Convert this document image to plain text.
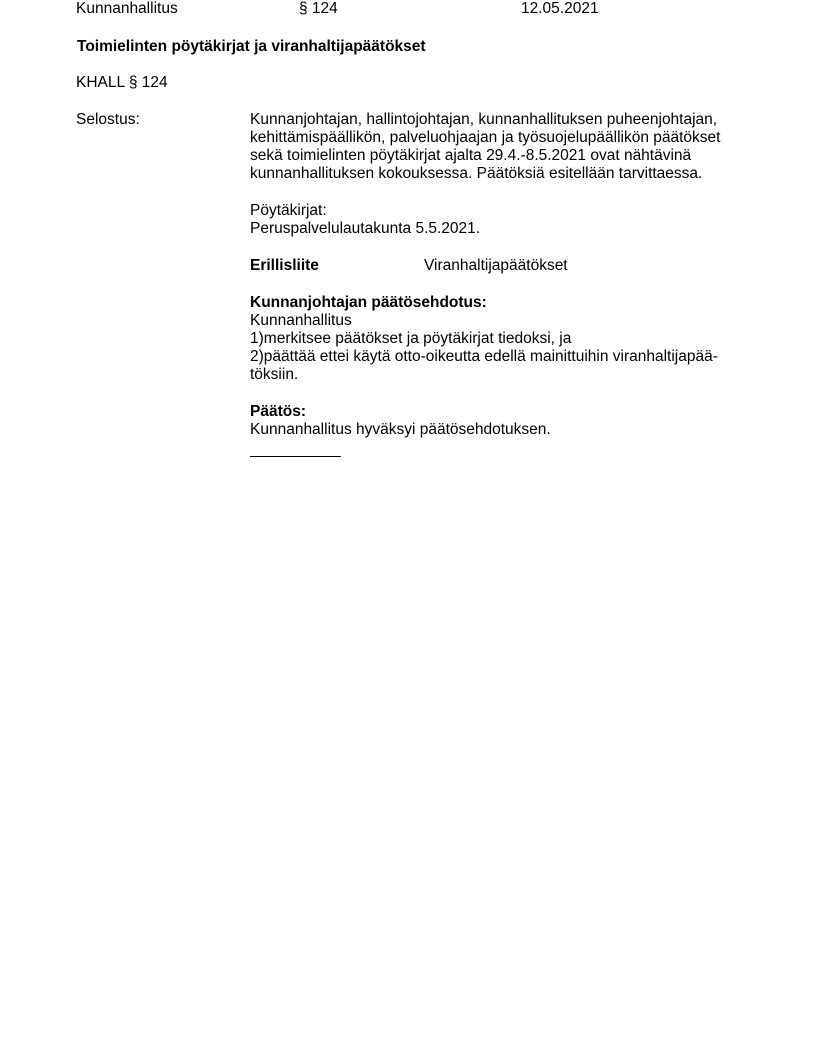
Kunnanhallitus	§ 124	12.05.2021
Toimielinten pöytäkirjat ja viranhaltijapäätökset
KHALL § 124
Selostus:	Kunnanjohtajan, hallintojohtajan, kunnanhallituksen puheenjohtajan,
kehittämispäällikön, palveluohjaajan ja työsuojelupäällikön päätökset
sekä toimielinten pöytäkirjat ajalta 29.4.-8.5.2021 ovat nähtävinä
kunnanhallituksen kokouksessa. Päätöksiä esitellään tarvittaessa.

Pöytäkirjat:
Peruspalvelulautakunta 5.5.2021.
Erillisliite	Viranhaltijapäätökset
Kunnanjohtajan päätösehdotus:
Kunnanhallitus
1)merkitsee päätökset ja pöytäkirjat tiedoksi, ja
2)päättää ettei käytä otto-oikeutta edellä mainittuihin viranhaltijapää-
töksiin.
Päätös:
Kunnanhallitus hyväksyi päätösehdotuksen.
